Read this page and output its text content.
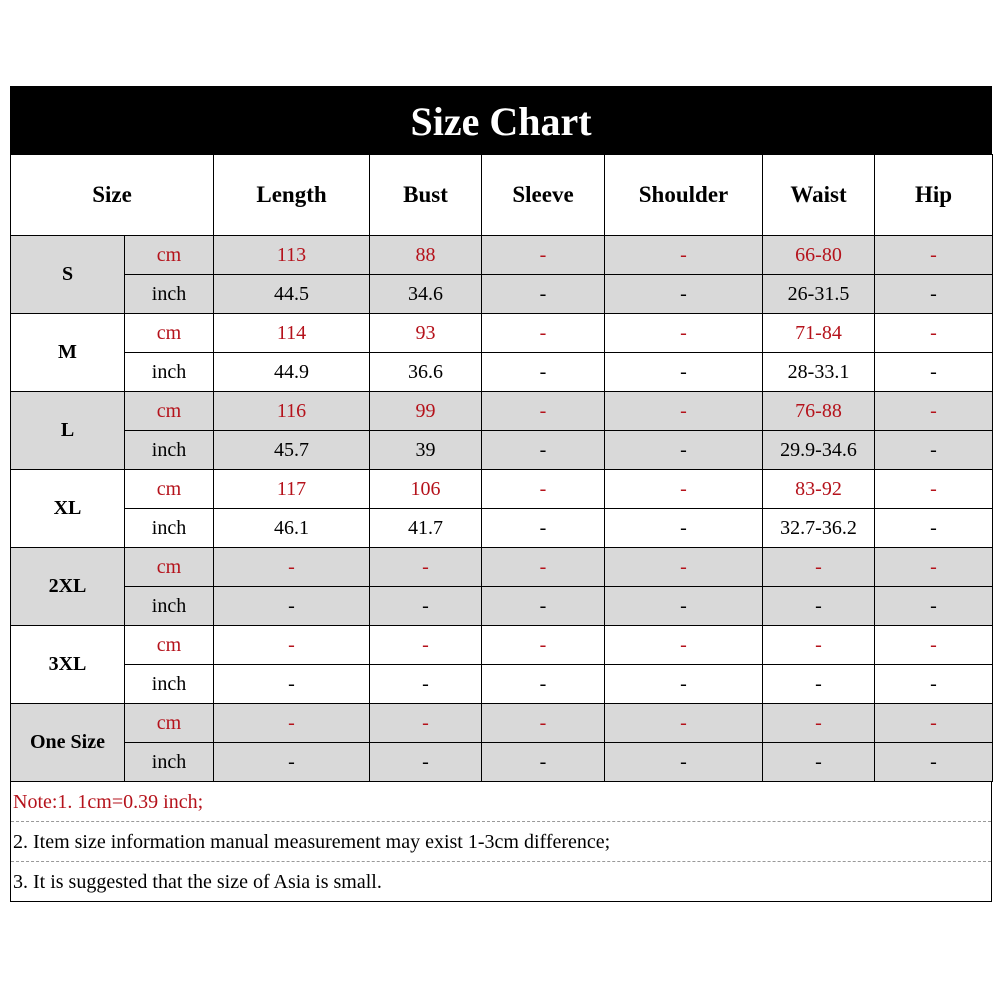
Size Chart
Size		Length	Bust	Sleeve	Shoulder	Waist	Hip
S	cm	113	88	-	-	66-80	-
	inch	44.5	34.6	-	-	26-31.5	-
M	cm	114	93	-	-	71-84	-
	inch	44.9	36.6	-	-	28-33.1	-
L	cm	116	99	-	-	76-88	-
	inch	45.7	39	-	-	29.9-34.6	-
XL	cm	117	106	-	-	83-92	-
	inch	46.1	41.7	-	-	32.7-36.2	-
2XL	cm	-	-	-	-	-	-
	inch	-	-	-	-	-	-
3XL	cm	-	-	-	-	-	-
	inch	-	-	-	-	-	-
One Size	cm	-	-	-	-	-	-
	inch	-	-	-	-	-	-
Note:1. 1cm=0.39 inch;
2. Item size information manual measurement may exist 1-3cm difference;
3. It is suggested that the size of Asia is small.
